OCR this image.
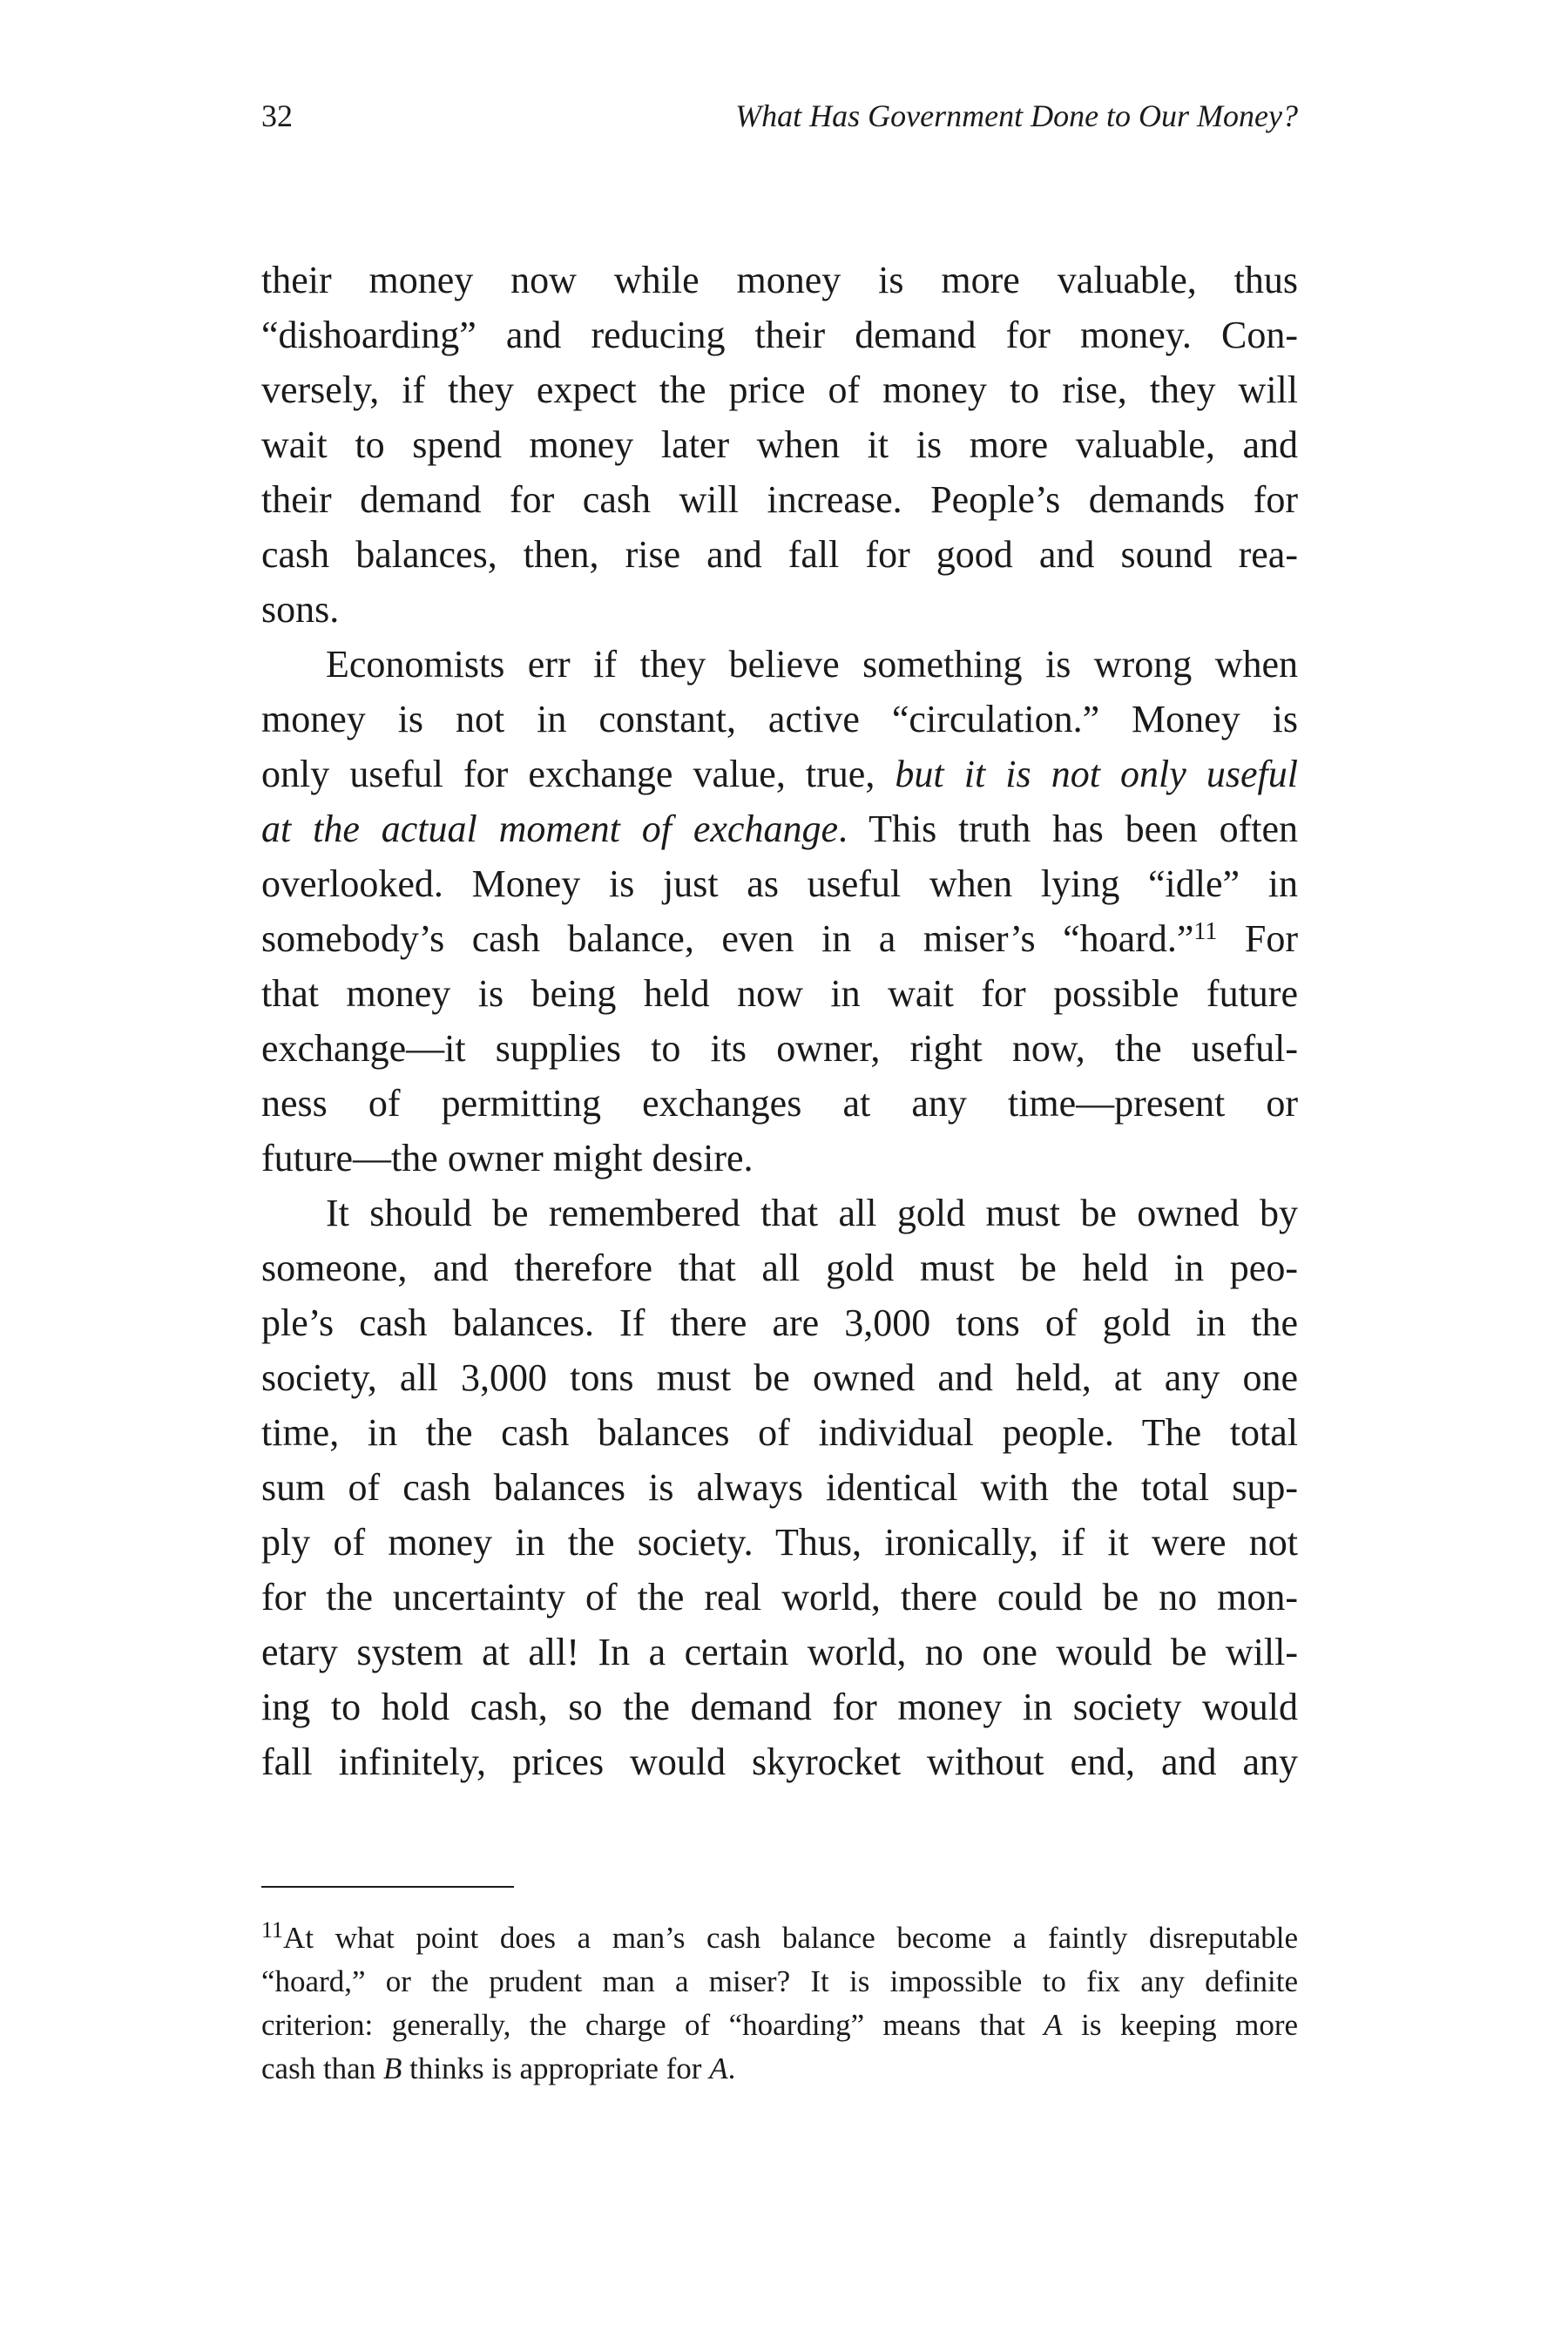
32	What Has Government Done to Our Money?
their money now while money is more valuable, thus
“dishoarding” and reducing their demand for money. Con-
versely, if they expect the price of money to rise, they will
wait to spend money later when it is more valuable, and
their demand for cash will increase. People’s demands for
cash balances, then, rise and fall for good and sound rea-
sons.
Economists err if they believe something is wrong when
money is not in constant, active “circulation.” Money is
only useful for exchange value, true, but it is not only useful
at the actual moment of exchange. This truth has been often
overlooked. Money is just as useful when lying “idle” in
somebody’s cash balance, even in a miser’s “hoard.”$^{11}$ For
that money is being held now in wait for possible future
exchange—it supplies to its owner, right now, the useful-
ness of permitting exchanges at any time—present or
future—the owner might desire.
It should be remembered that all gold must be owned by
someone, and therefore that all gold must be held in peo-
ple’s cash balances. If there are 3,000 tons of gold in the
society, all 3,000 tons must be owned and held, at any one
time, in the cash balances of individual people. The total
sum of cash balances is always identical with the total sup-
ply of money in the society. Thus, ironically, if it were not
for the uncertainty of the real world, there could be no mon-
etary system at all! In a certain world, no one would be will-
ing to hold cash, so the demand for money in society would
fall infinitely, prices would skyrocket without end, and any
$^{11}$At what point does a man’s cash balance become a faintly disreputable
“hoard,” or the prudent man a miser? It is impossible to fix any definite
criterion: generally, the charge of “hoarding” means that A is keeping more
cash than B thinks is appropriate for A.
